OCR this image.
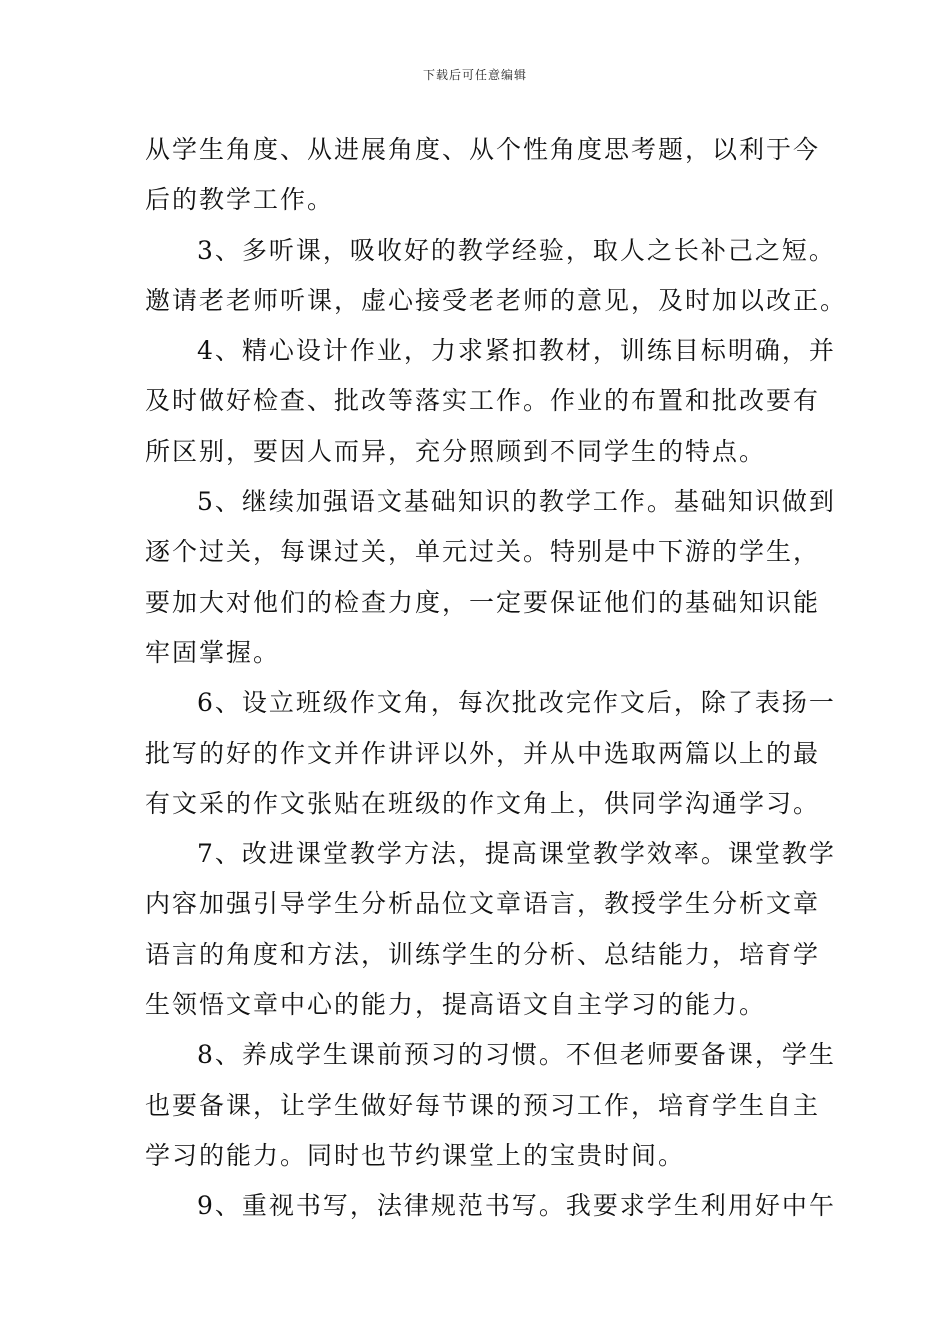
下载后可任意编辑
从学生角度、从进展角度、从个性角度思考题，以利于今
后的教学工作。
3、多听课，吸收好的教学经验，取人之长补己之短。
邀请老老师听课，虚心接受老老师的意见，及时加以改正。
4、精心设计作业，力求紧扣教材，训练目标明确，并
及时做好检查、批改等落实工作。作业的布置和批改要有
所区别，要因人而异，充分照顾到不同学生的特点。
5、继续加强语文基础知识的教学工作。基础知识做到
逐个过关，每课过关，单元过关。特别是中下游的学生，
要加大对他们的检查力度，一定要保证他们的基础知识能
牢固掌握。
6、设立班级作文角，每次批改完作文后，除了表扬一
批写的好的作文并作讲评以外，并从中选取两篇以上的最
有文采的作文张贴在班级的作文角上，供同学沟通学习。
7、改进课堂教学方法，提高课堂教学效率。课堂教学
内容加强引导学生分析品位文章语言，教授学生分析文章
语言的角度和方法，训练学生的分析、总结能力，培育学
生领悟文章中心的能力，提高语文自主学习的能力。
8、养成学生课前预习的习惯。不但老师要备课，学生
也要备课，让学生做好每节课的预习工作，培育学生自主
学习的能力。同时也节约课堂上的宝贵时间。
9、重视书写，法律规范书写。我要求学生利用好中午
